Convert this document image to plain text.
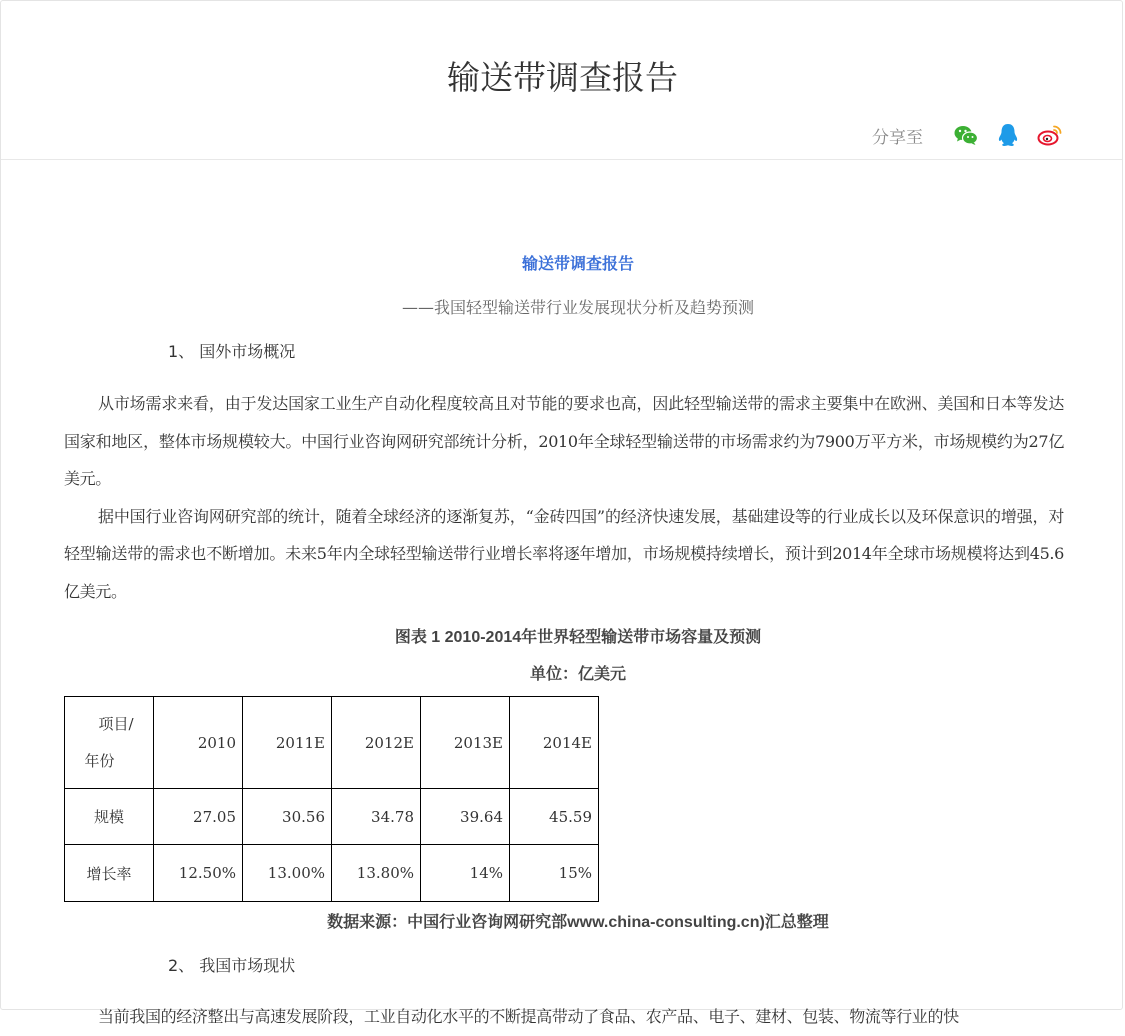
输送带调查报告
分享至
输送带调查报告
——我国轻型输送带行业发展现状分析及趋势预测
1、 国外市场概况

从市场需求来看，由于发达国家工业生产自动化程度较高且对节能的要求也高，因此轻型输送带的需求主要集中在欧洲、美国和日本等发达国家和地区，整体市场规模较大。中国行业咨询网研究部统计分析，2010年全球轻型输送带的市场需求约为7900万平方米，市场规模约为27亿美元。

据中国行业咨询网研究部的统计，随着全球经济的逐渐复苏，“金砖四国”的经济快速发展，基础建设等的行业成长以及环保意识的增强，对轻型输送带的需求也不断增加。未来5年内全球轻型输送带行业增长率将逐年增加，市场规模持续增长，预计到2014年全球市场规模将达到45.6亿美元。

图表 1 2010-2014年世界轻型输送带市场容量及预测
单位：亿美元
项目/
年份	2010	2011E	2012E	2013E	2014E
规模	27.05	30.56	34.78	39.64	45.59
增长率	12.50%	13.00%	13.80%	14%	15%
数据来源：中国行业咨询网研究部www.china-consulting.cn)汇总整理
2、 我国市场现状

当前我国的经济整出与高速发展阶段，工业自动化水平的不断提高带动了食品、农产品、电子、建材、包装、物流等行业的快
